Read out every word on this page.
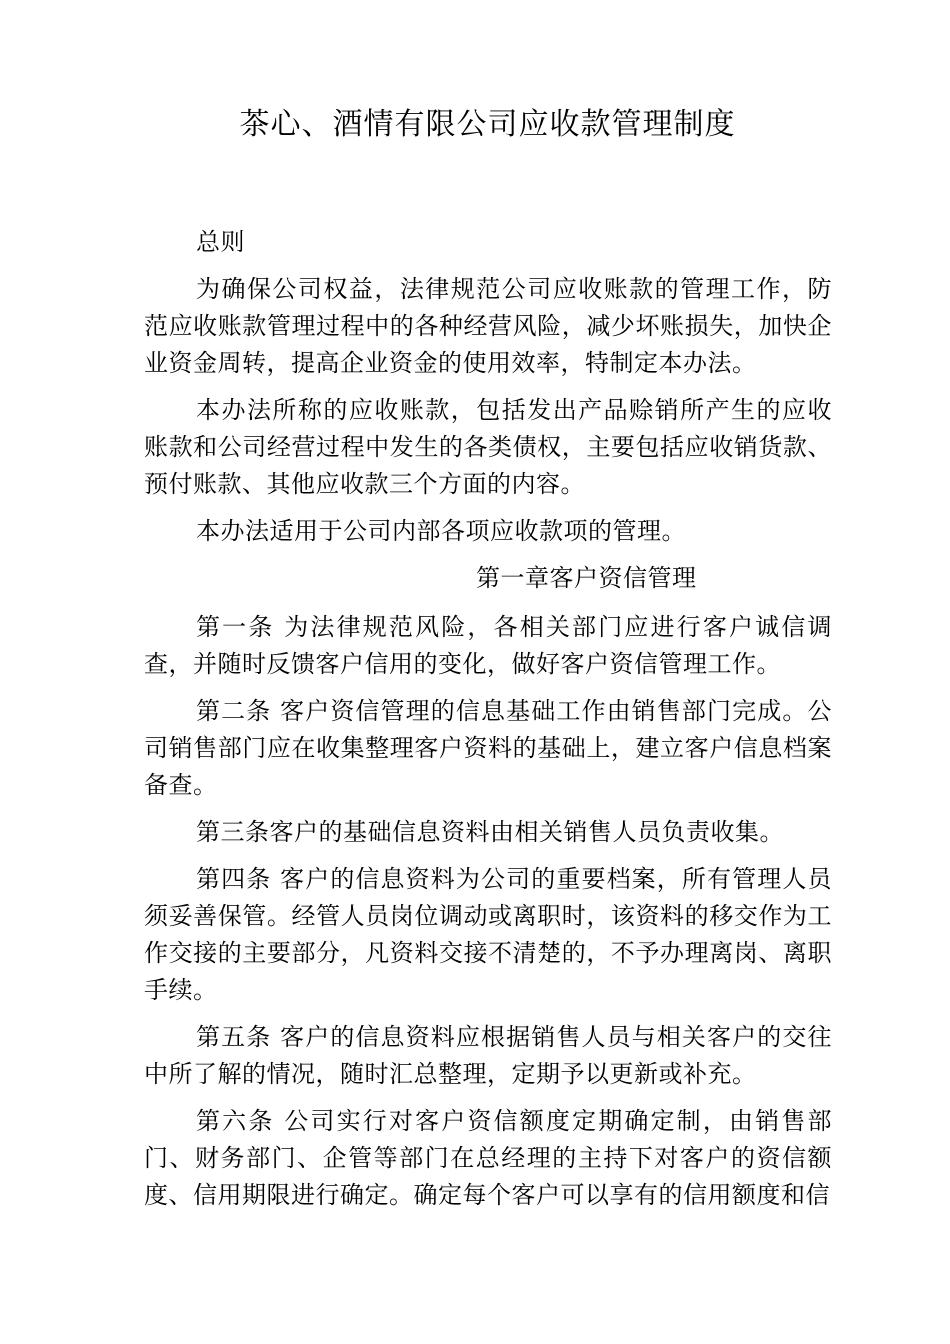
茶心、酒情有限公司应收款管理制度

总则

为确保公司权益，法律规范公司应收账款的管理工作，防范应收账款管理过程中的各种经营风险，减少坏账损失，加快企业资金周转，提高企业资金的使用效率，特制定本办法。

本办法所称的应收账款，包括发出产品赊销所产生的应收账款和公司经营过程中发生的各类债权，主要包括应收销货款、预付账款、其他应收款三个方面的内容。

本办法适用于公司内部各项应收款项的管理。

第一章客户资信管理

第一条 为法律规范风险，各相关部门应进行客户诚信调查，并随时反馈客户信用的变化，做好客户资信管理工作。

第二条 客户资信管理的信息基础工作由销售部门完成。公司销售部门应在收集整理客户资料的基础上，建立客户信息档案备查。

第三条客户的基础信息资料由相关销售人员负责收集。

第四条 客户的信息资料为公司的重要档案，所有管理人员须妥善保管。经管人员岗位调动或离职时，该资料的移交作为工作交接的主要部分，凡资料交接不清楚的，不予办理离岗、离职手续。

第五条 客户的信息资料应根据销售人员与相关客户的交往中所了解的情况，随时汇总整理，定期予以更新或补充。

第六条 公司实行对客户资信额度定期确定制，由销售部门、财务部门、企管等部门在总经理的主持下对客户的资信额度、信用期限进行确定。确定每个客户可以享有的信用额度和信
